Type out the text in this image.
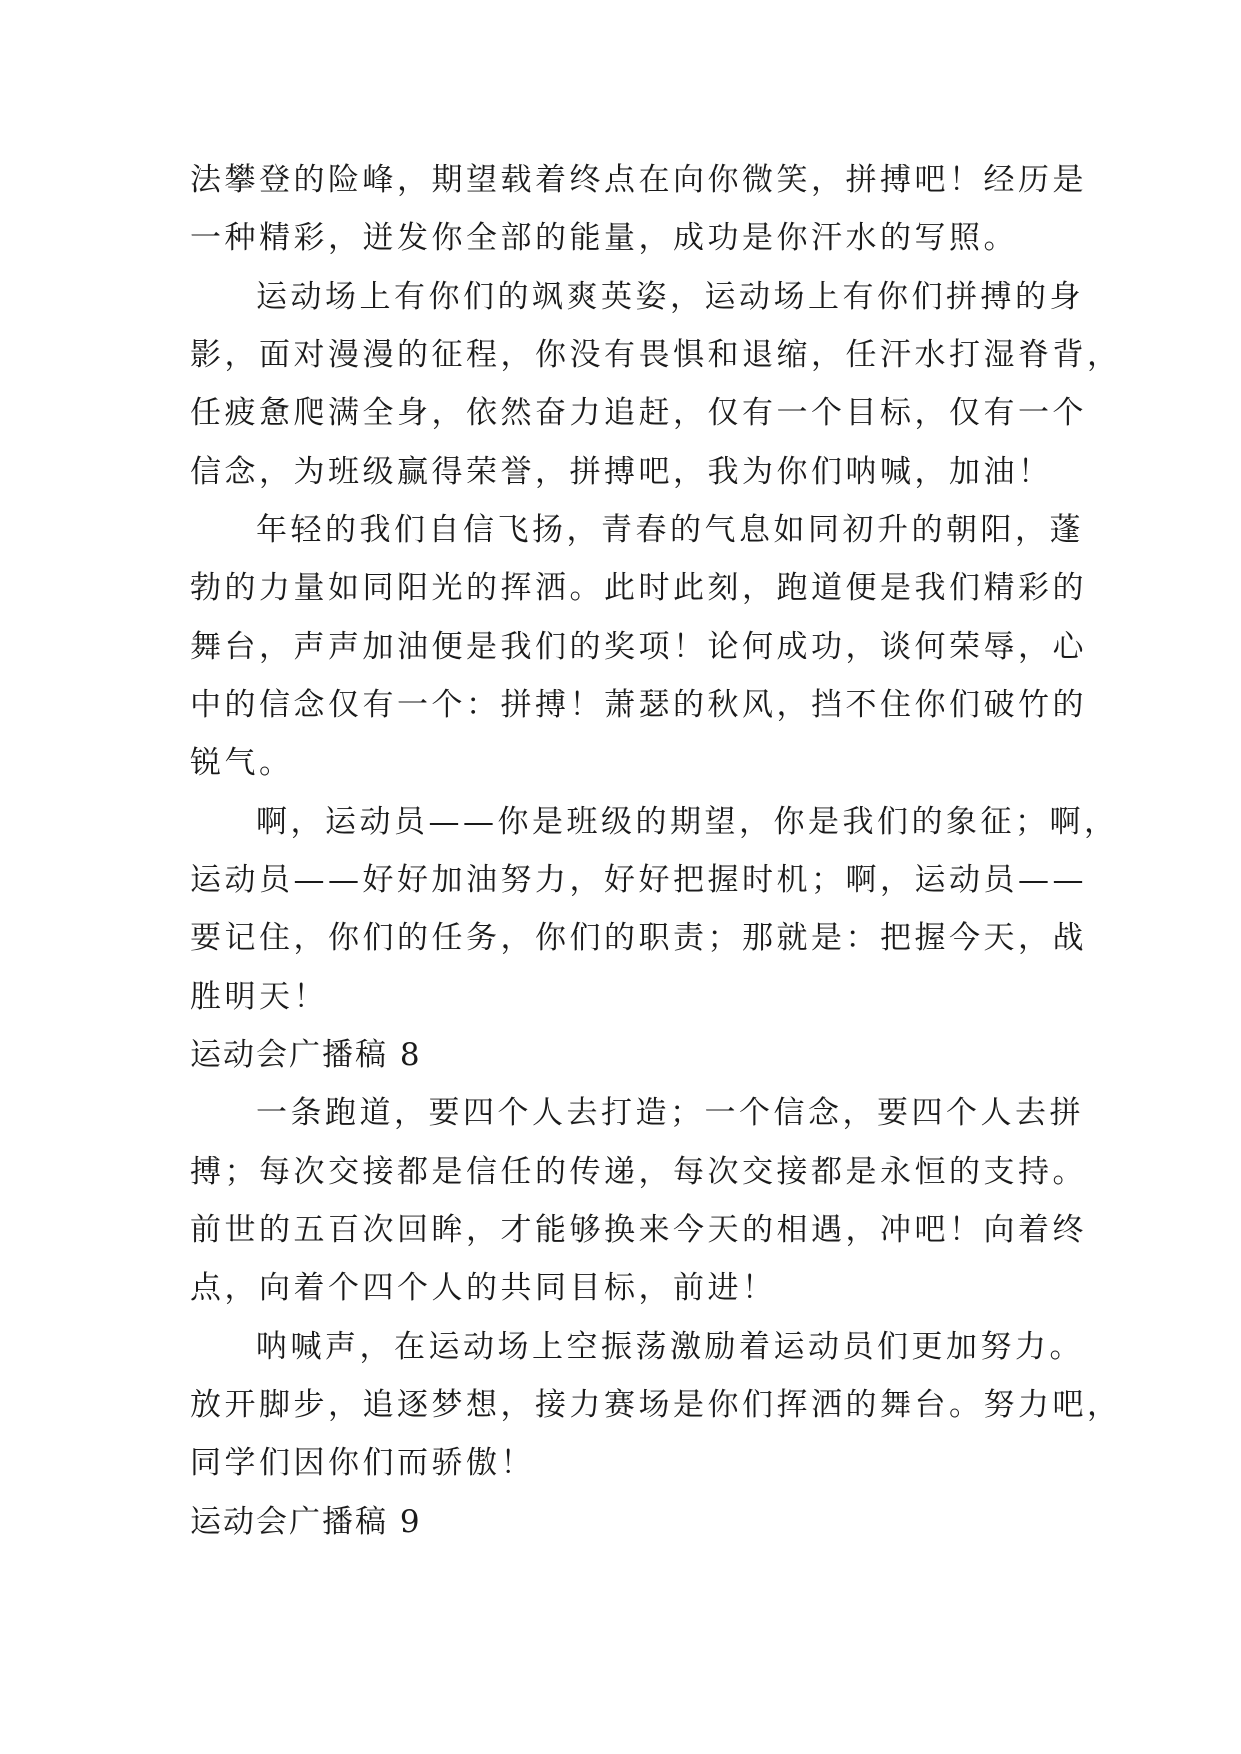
法攀登的险峰，期望载着终点在向你微笑，拼搏吧！经历是
一种精彩，迸发你全部的能量，成功是你汗水的写照。
运动场上有你们的飒爽英姿，运动场上有你们拼搏的身
影，面对漫漫的征程，你没有畏惧和退缩，任汗水打湿脊背，
任疲惫爬满全身，依然奋力追赶，仅有一个目标，仅有一个
信念，为班级赢得荣誉，拼搏吧，我为你们呐喊，加油！
年轻的我们自信飞扬，青春的气息如同初升的朝阳，蓬
勃的力量如同阳光的挥洒。此时此刻，跑道便是我们精彩的
舞台，声声加油便是我们的奖项！论何成功，谈何荣辱，心
中的信念仅有一个：拼搏！萧瑟的秋风，挡不住你们破竹的
锐气。
啊，运动员——你是班级的期望，你是我们的象征；啊，
运动员——好好加油努力，好好把握时机；啊，运动员——
要记住，你们的任务，你们的职责；那就是：把握今天，战
胜明天！
运动会广播稿 8
一条跑道，要四个人去打造；一个信念，要四个人去拼
搏；每次交接都是信任的传递，每次交接都是永恒的支持。
前世的五百次回眸，才能够换来今天的相遇，冲吧！向着终
点，向着个四个人的共同目标，前进！
呐喊声，在运动场上空振荡激励着运动员们更加努力。
放开脚步，追逐梦想，接力赛场是你们挥洒的舞台。努力吧，
同学们因你们而骄傲！
运动会广播稿 9
